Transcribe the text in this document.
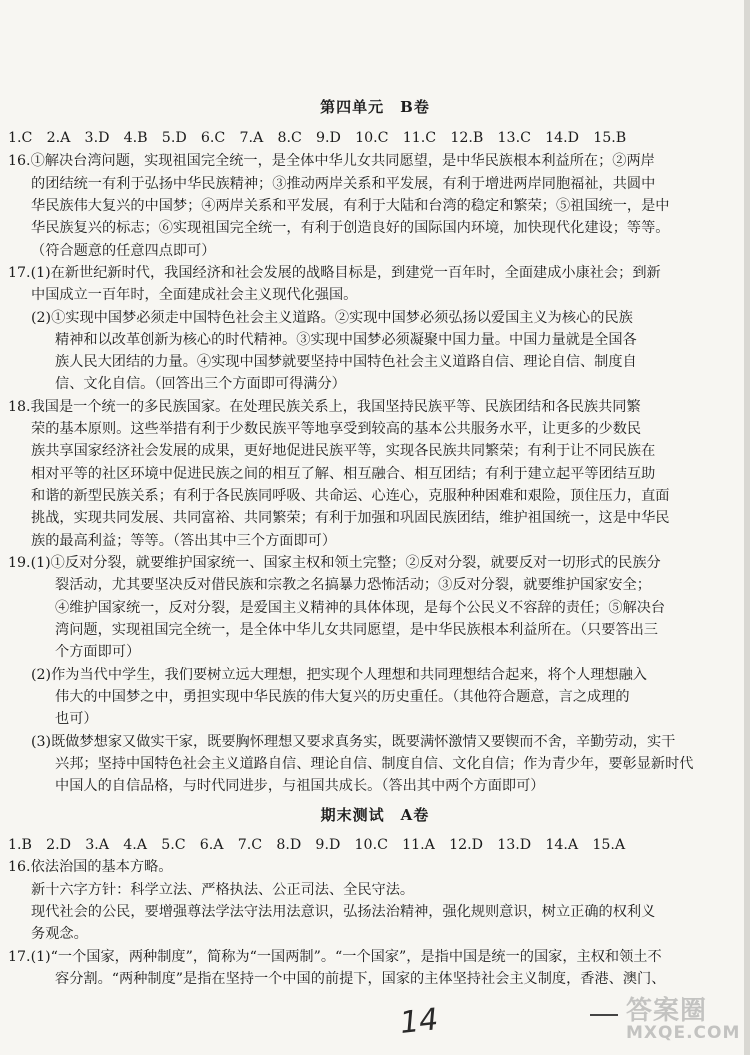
第四单元　B卷
1.C　2.A　3.D　4.B　5.D　6.C　7.A　8.C　9.D　10.C　11.C　12.B　13.C　14.D　15.B
16.①解决台湾问题，实现祖国完全统一，是全体中华儿女共同愿望，是中华民族根本利益所在；②两岸
的团结统一有利于弘扬中华民族精神；③推动两岸关系和平发展，有利于增进两岸同胞福祉，共圆中
华民族伟大复兴的中国梦；④两岸关系和平发展，有利于大陆和台湾的稳定和繁荣；⑤祖国统一，是中
华民族复兴的标志；⑥实现祖国完全统一，有利于创造良好的国际国内环境，加快现代化建设；等等。
（符合题意的任意四点即可）
17.(1)在新世纪新时代，我国经济和社会发展的战略目标是，到建党一百年时，全面建成小康社会；到新
中国成立一百年时，全面建成社会主义现代化强国。
(2)①实现中国梦必须走中国特色社会主义道路。②实现中国梦必须弘扬以爱国主义为核心的民族
精神和以改革创新为核心的时代精神。③实现中国梦必须凝聚中国力量。中国力量就是全国各
族人民大团结的力量。④实现中国梦就要坚持中国特色社会主义道路自信、理论自信、制度自
信、文化自信。（回答出三个方面即可得满分）
18.我国是一个统一的多民族国家。在处理民族关系上，我国坚持民族平等、民族团结和各民族共同繁
荣的基本原则。这些举措有利于少数民族平等地享受到较高的基本公共服务水平，让更多的少数民
族共享国家经济社会发展的成果，更好地促进民族平等，实现各民族共同繁荣；有利于让不同民族在
相对平等的社区环境中促进民族之间的相互了解、相互融合、相互团结；有利于建立起平等团结互助
和谐的新型民族关系；有利于各民族同呼吸、共命运、心连心，克服种种困难和艰险，顶住压力，直面
挑战，实现共同发展、共同富裕、共同繁荣；有利于加强和巩固民族团结，维护祖国统一，这是中华民
族的最高利益；等等。（答出其中三个方面即可）
19.(1)①反对分裂，就要维护国家统一、国家主权和领土完整；②反对分裂，就要反对一切形式的民族分
裂活动，尤其要坚决反对借民族和宗教之名搞暴力恐怖活动；③反对分裂，就要维护国家安全；
④维护国家统一，反对分裂，是爱国主义精神的具体体现，是每个公民义不容辞的责任；⑤解决台
湾问题，实现祖国完全统一，是全体中华儿女共同愿望，是中华民族根本利益所在。（只要答出三
个方面即可）
(2)作为当代中学生，我们要树立远大理想，把实现个人理想和共同理想结合起来，将个人理想融入
伟大的中国梦之中，勇担实现中华民族的伟大复兴的历史重任。（其他符合题意，言之成理的
也可）
(3)既做梦想家又做实干家，既要胸怀理想又要求真务实，既要满怀激情又要锲而不舍，辛勤劳动，实干
兴邦；坚持中国特色社会主义道路自信、理论自信、制度自信、文化自信；作为青少年，要彰显新时代
中国人的自信品格，与时代同进步，与祖国共成长。（答出其中两个方面即可）
期末测试　A卷
1.B　2.D　3.A　4.A　5.C　6.A　7.C　8.D　9.D　10.C　11.A　12.D　13.D　14.A　15.A
16.依法治国的基本方略。
新十六字方针：科学立法、严格执法、公正司法、全民守法。
现代社会的公民，要增强尊法学法守法用法意识，弘扬法治精神，强化规则意识，树立正确的权利义
务观念。
17.(1)“一个国家，两种制度”，简称为“一国两制”。“一个国家”，是指中国是统一的国家，主权和领土不
容分割。“两种制度”是指在坚持一个中国的前提下，国家的主体坚持社会主义制度，香港、澳门、
14	答案圈
MXQE.COM
